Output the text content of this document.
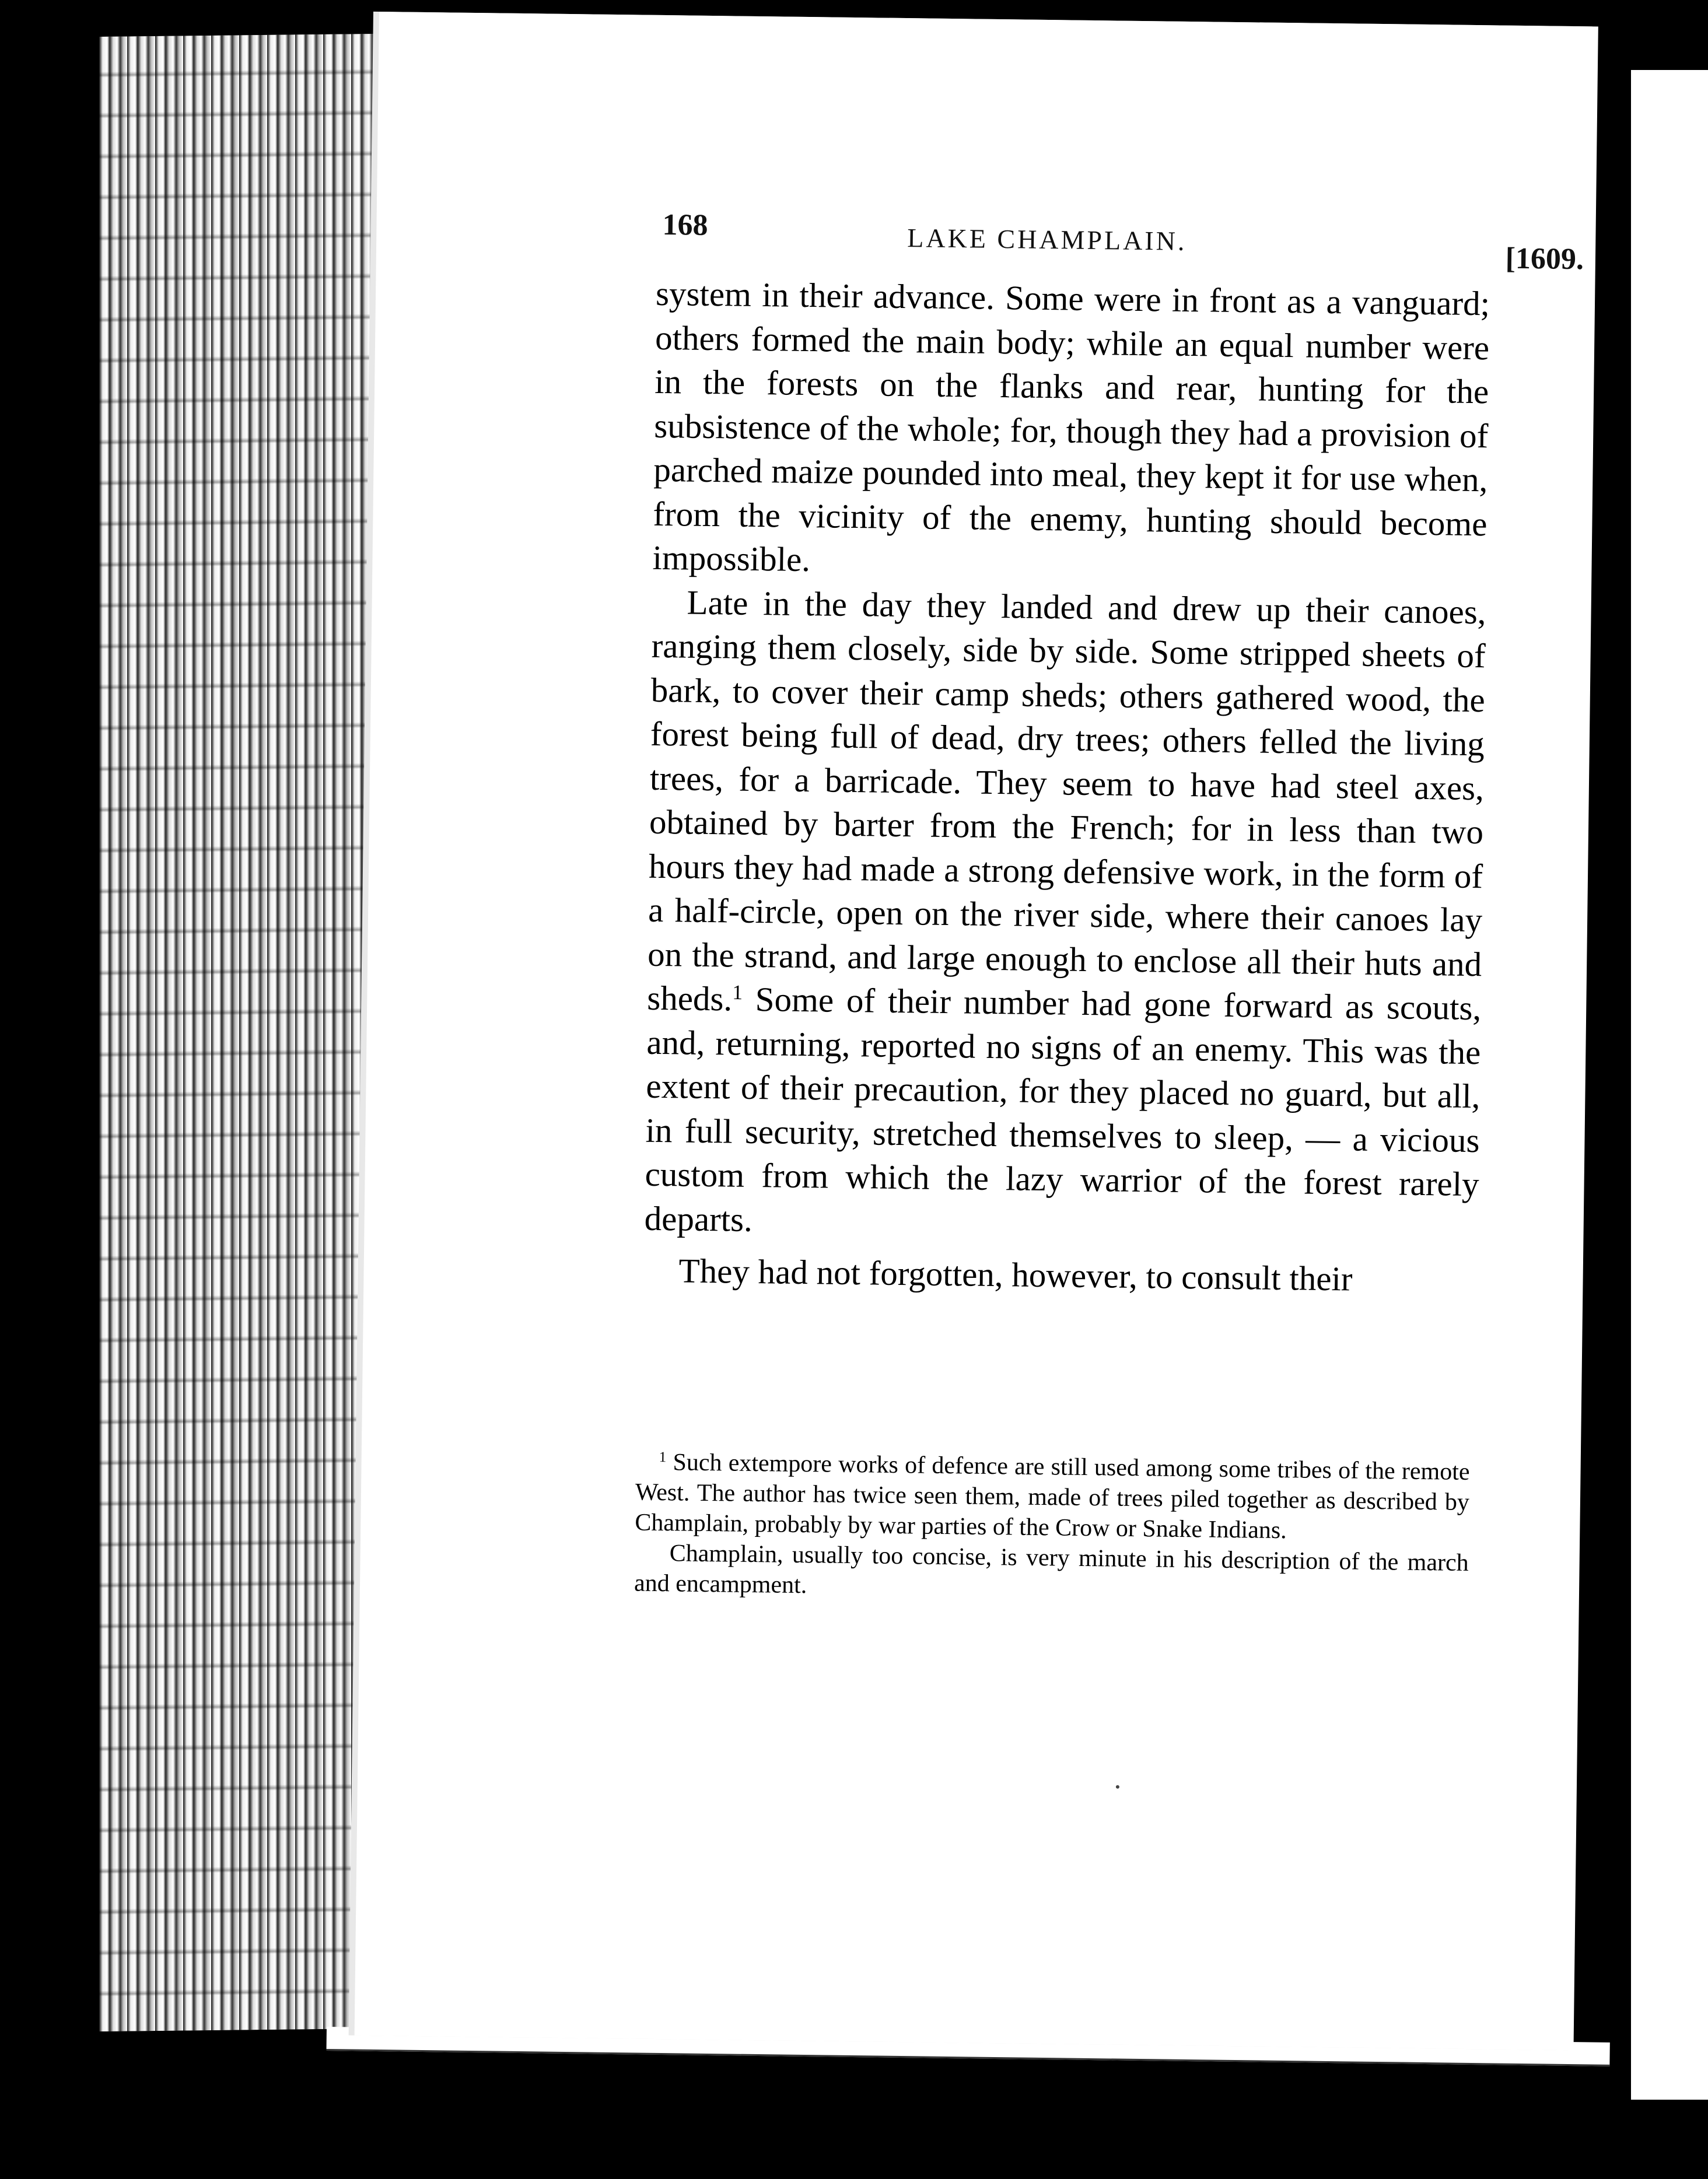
168	LAKE CHAMPLAIN.
[1609.

system in their advance. Some were in front as a vanguard; others formed the main body; while an equal number were in the forests on the flanks and rear, hunting for the subsistence of the whole; for, though they had a provision of parched maize pounded into meal, they kept it for use when, from the vicinity of the enemy, hunting should become impossible.

Late in the day they landed and drew up their canoes, ranging them closely, side by side. Some stripped sheets of bark, to cover their camp sheds; others gathered wood, the forest being full of dead, dry trees; others felled the living trees, for a barricade. They seem to have had steel axes, obtained by barter from the French; for in less than two hours they had made a strong defensive work, in the form of a half-circle, open on the river side, where their canoes lay on the strand, and large enough to enclose all their huts and sheds.$^1$ Some of their number had gone forward as scouts, and, returning, reported no signs of an enemy. This was the extent of their precaution, for they placed no guard, but all, in full security, stretched themselves to sleep, — a vicious custom from which the lazy warrior of the forest rarely departs.

They had not forgotten, however, to consult their

$^1$ Such extempore works of defence are still used among some tribes of the remote West. The author has twice seen them, made of trees piled together as described by Champlain, probably by war parties of the Crow or Snake Indians.

Champlain, usually too concise, is very minute in his description of the march and encampment.
